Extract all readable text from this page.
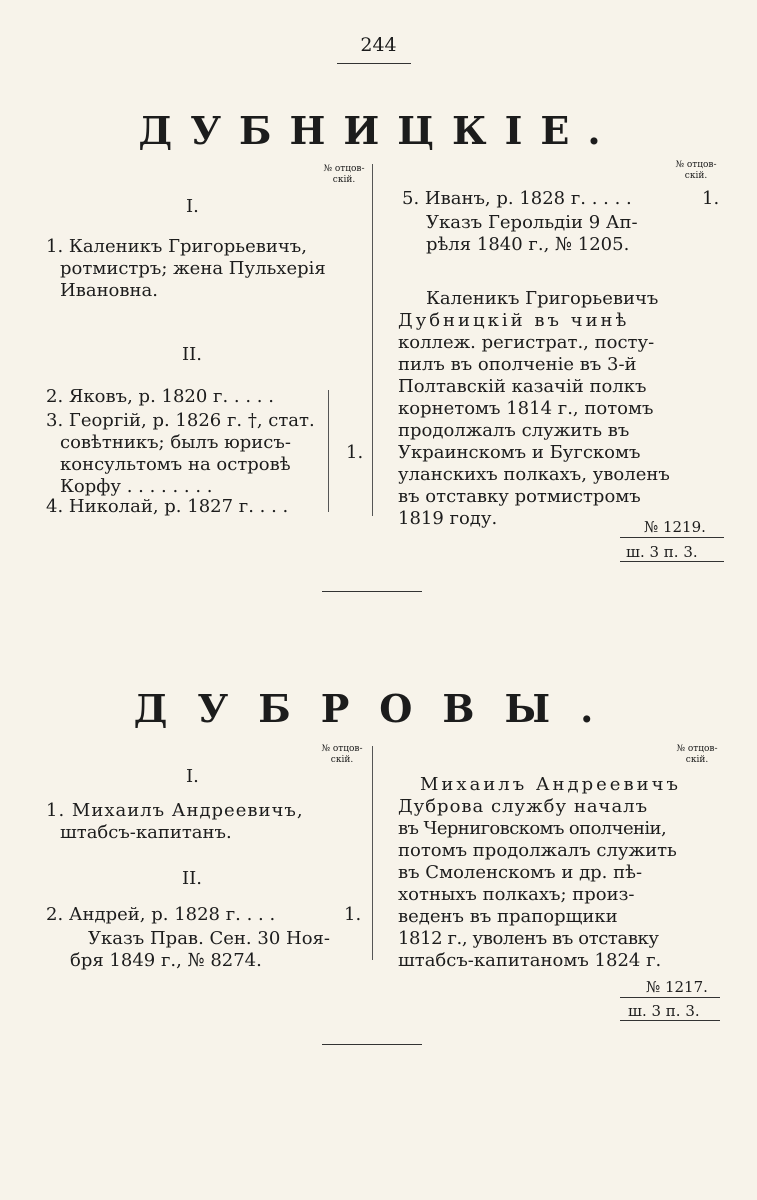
244
ДУБНИЦКІЕ.
№ отцов-
скій.
№ отцов-
скій.
I.
1. Каленикъ Григорьевичъ,
ротмистръ; жена Пульхерія
Ивановна.
II.
2. Яковъ, р. 1820 г. . . . .
3. Георгій, р. 1826 г. †, стат.
совѣтникъ; былъ юрисъ-
консультомъ на островѣ
Корфу . . . . . . . .
4. Николай, р. 1827 г. . . .
1.
5. Иванъ, р. 1828 г. . . . .	1.
Указъ Герольдіи 9 Ап-
рѣля 1840 г., № 1205.
Каленикъ Григорьевичъ
Дубницкій въ чинѣ
коллеж. регистрат., посту-
пилъ въ ополченіе въ 3-й
Полтавскій казачій полкъ
корнетомъ 1814 г., потомъ
продолжалъ служить въ
Украинскомъ и Бугскомъ
уланскихъ полкахъ, уволенъ
въ отставку ротмистромъ
1819 году.	№ 1219.
ш. 3 п. 3.
ДУБРОВЫ.
№ отцов-
скій.
№ отцов-
скій.
I.
1. Михаилъ Андреевичъ,
штабсъ-капитанъ.
II.
2. Андрей, р. 1828 г. . . .	1.
Указъ Прав. Сен. 30 Ноя-
бря 1849 г., № 8274.
Михаилъ Андреевичъ
Дуброва службу началъ
въ Черниговскомъ ополченіи,
потомъ продолжалъ служить
въ Смоленскомъ и др. пѣ-
хотныхъ полкахъ; произ-
веденъ въ прапорщики
1812 г., уволенъ въ отставку
штабсъ-капитаномъ 1824 г.
№ 1217.
ш. 3 п. 3.
